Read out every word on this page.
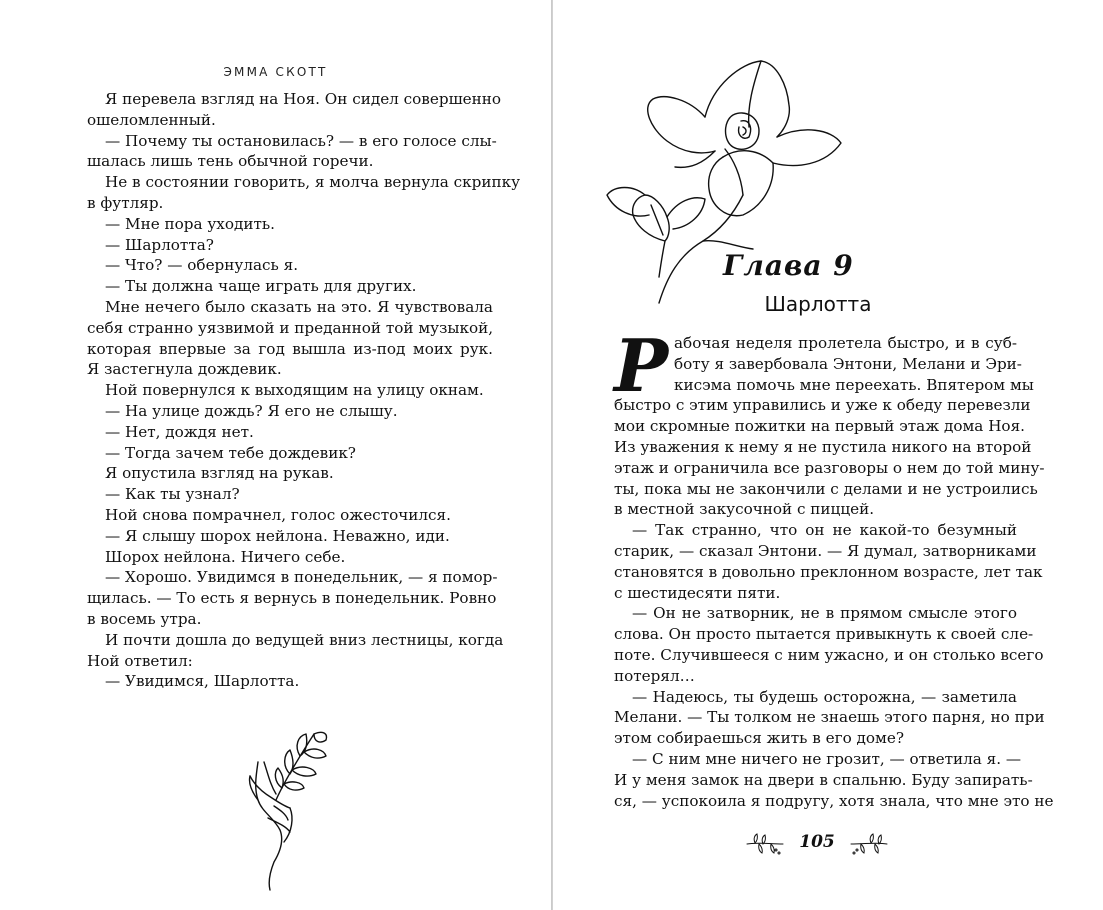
ЭММА СКОТТ
Я перевела взгляд на Ноя. Он сидел совершенно
ошеломленный.
— Почему ты остановилась? — в его голосе слы-
шалась лишь тень обычной горечи.
Не в состоянии говорить, я молча вернула скрипку
в футляр.
— Мне пора уходить.
— Шарлотта?
— Что? — обернулась я.
— Ты должна чаще играть для других.
Мне нечего было сказать на это. Я чувствовала
себя странно уязвимой и преданной той музыкой,
которая впервые за год вышла из-под моих рук.
Я застегнула дождевик.
Ной повернулся к выходящим на улицу окнам.
— На улице дождь? Я его не слышу.
— Нет, дождя нет.
— Тогда зачем тебе дождевик?
Я опустила взгляд на рукав.
— Как ты узнал?
Ной снова помрачнел, голос ожесточился.
— Я слышу шорох нейлона. Неважно, иди.
Шорох нейлона. Ничего себе.
— Хорошо. Увидимся в понедельник, — я помор-
щилась. — То есть я вернусь в понедельник. Ровно
в восемь утра.
И почти дошла до ведущей вниз лестницы, когда
Ной ответил:
— Увидимся, Шарлотта.
Глава 9
Шарлотта
Р абочая неделя пролетела быстро, и в суб-
боту я завербовала Энтони, Мелани и Эри-
кисэма помочь мне переехать. Впятером мы
быстро с этим управились и уже к обеду перевезли
мои скромные пожитки на первый этаж дома Ноя.
Из уважения к нему я не пустила никого на второй
этаж и ограничила все разговоры о нем до той мину-
ты, пока мы не закончили с делами и не устроились
в местной закусочной с пиццей.
— Так странно, что он не какой-то безумный
старик, — сказал Энтони. — Я думал, затворниками
становятся в довольно преклонном возрасте, лет так
с шестидесяти пяти.
— Он не затворник, не в прямом смысле этого
слова. Он просто пытается привыкнуть к своей сле-
поте. Случившееся с ним ужасно, и он столько всего
потерял…
— Надеюсь, ты будешь осторожна, — заметила
Мелани. — Ты толком не знаешь этого парня, но при
этом собираешься жить в его доме?
— С ним мне ничего не грозит, — ответила я. —
И у меня замок на двери в спальню. Буду запирать-
ся, — успокоила я подругу, хотя знала, что мне это не
105
